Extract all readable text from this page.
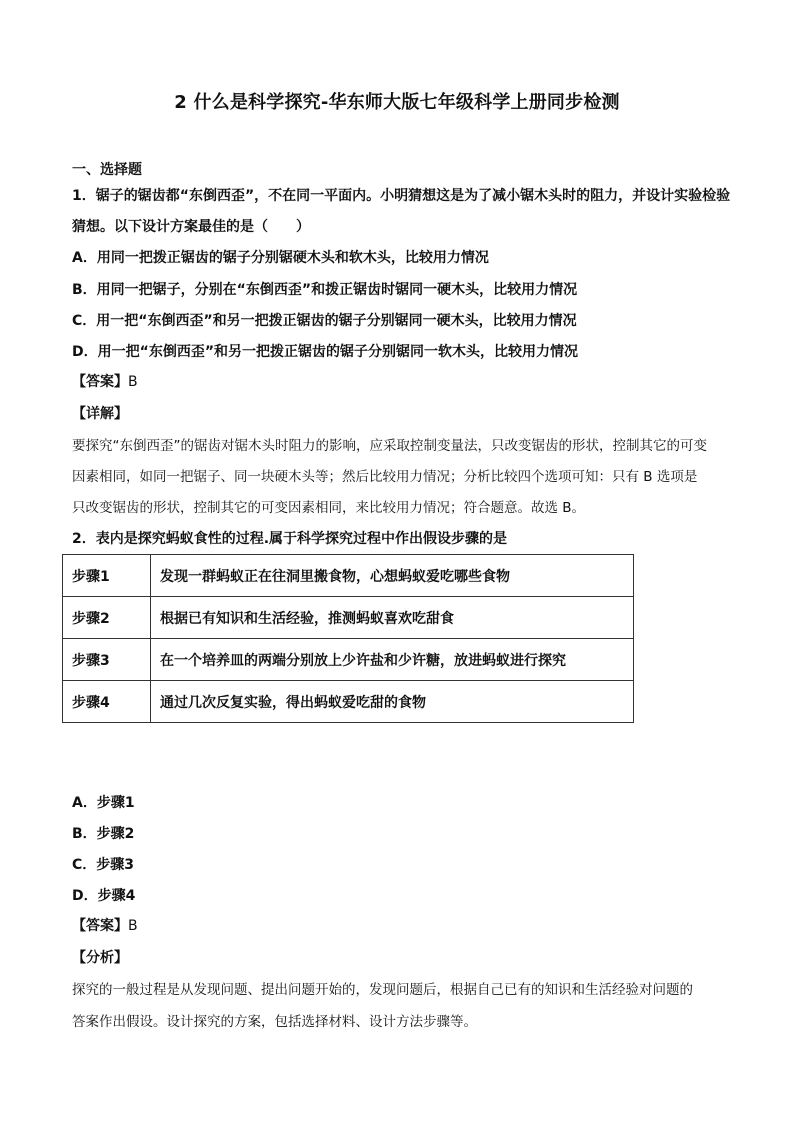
2 什么是科学探究-华东师大版七年级科学上册同步检测
一、选择题
1．锯子的锯齿都“东倒西歪”，不在同一平面内。小明猜想这是为了减小锯木头时的阻力，并设计实验检验
猜想。以下设计方案最佳的是（　　）
A．用同一把拨正锯齿的锯子分别锯硬木头和软木头，比较用力情况
B．用同一把锯子，分别在“东倒西歪”和拨正锯齿时锯同一硬木头，比较用力情况
C．用一把“东倒西歪”和另一把拨正锯齿的锯子分别锯同一硬木头，比较用力情况
D．用一把“东倒西歪”和另一把拨正锯齿的锯子分别锯同一软木头，比较用力情况
【答案】B
【详解】
要探究“东倒西歪”的锯齿对锯木头时阻力的影响，应采取控制变量法，只改变锯齿的形状，控制其它的可变
因素相同，如同一把锯子、同一块硬木头等；然后比较用力情况；分析比较四个选项可知：只有 B 选项是
只改变锯齿的形状，控制其它的可变因素相同，来比较用力情况；符合题意。故选 B。
2．表内是探究蚂蚁食性的过程.属于科学探究过程中作出假设步骤的是
步骤1	发现一群蚂蚁正在往洞里搬食物，心想蚂蚁爱吃哪些食物
步骤2	根据已有知识和生活经验，推测蚂蚁喜欢吃甜食
步骤3	在一个培养皿的两端分别放上少许盐和少许糖，放进蚂蚁进行探究
步骤4	通过几次反复实验，得出蚂蚁爱吃甜的食物
A．步骤1
B．步骤2
C．步骤3
D．步骤4
【答案】B
【分析】
探究的一般过程是从发现问题、提出问题开始的，发现问题后，根据自己已有的知识和生活经验对问题的
答案作出假设。设计探究的方案，包括选择材料、设计方法步骤等。
